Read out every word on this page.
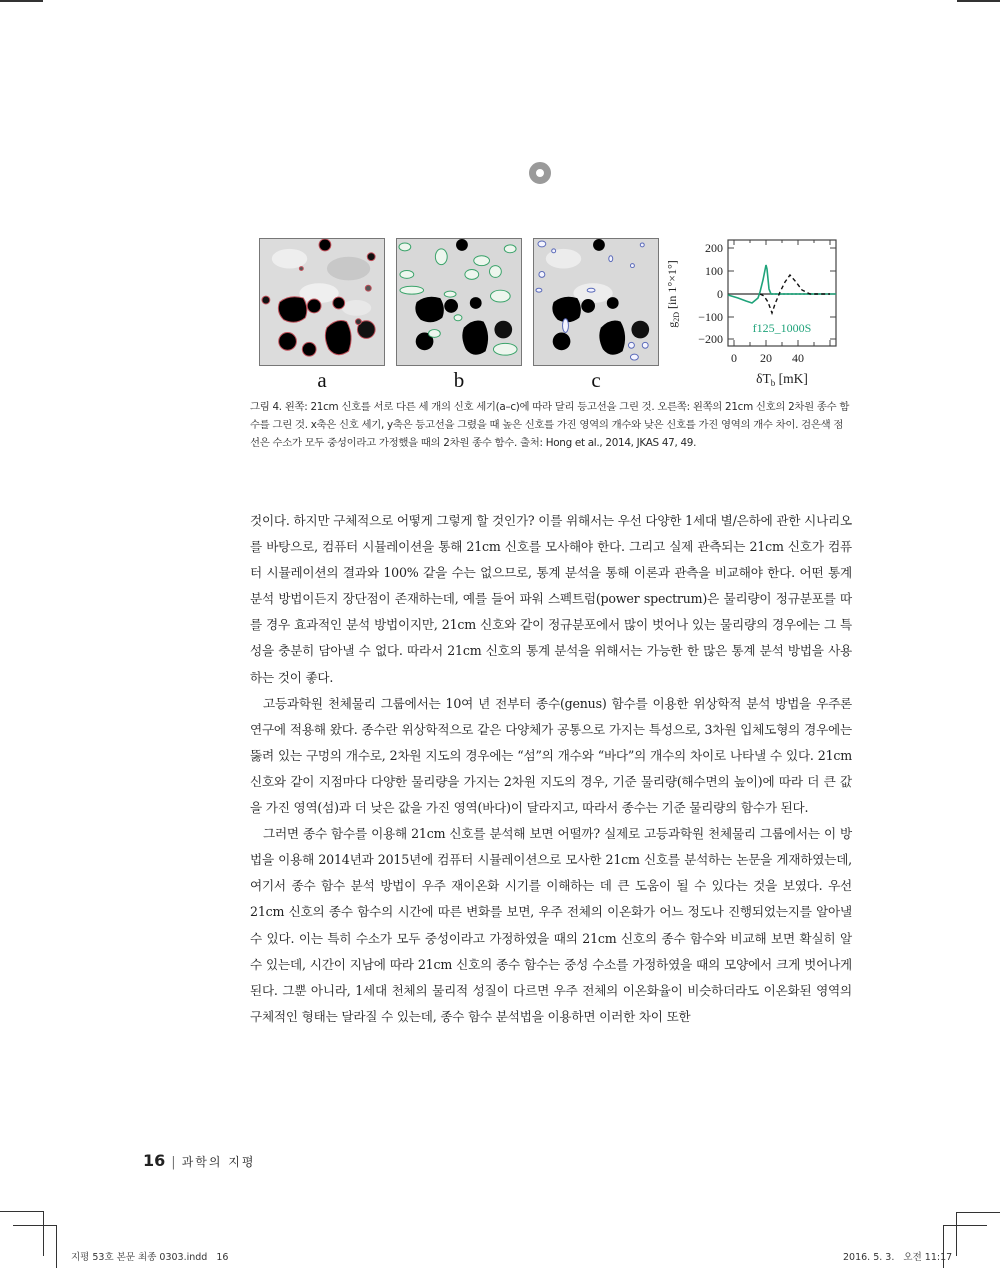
a	b	c
200
100
0
−100
−200
0 20 40
f125_1000S
$\delta T_b$ [mK]
$g_{2D}$ [in 1°×1°]
그림 4. 왼쪽: 21cm 신호를 서로 다른 세 개의 신호 세기(a–c)에 따라 달리 등고선을 그린 것. 오른쪽: 왼쪽의 21cm 신호의 2차원 종수 함수를 그린 것. x축은 신호 세기, y축은 등고선을 그렸을 때 높은 신호를 가진 영역의 개수와 낮은 신호를 가진 영역의 개수 차이. 검은색 점선은 수소가 모두 중성이라고 가정했을 때의 2차원 종수 함수. 출처: Hong et al., 2014, JKAS 47, 49.

것이다. 하지만 구체적으로 어떻게 그렇게 할 것인가? 이를 위해서는 우선 다양한 1세대 별/은하에 관한 시나리오를 바탕으로, 컴퓨터 시뮬레이션을 통해 21cm 신호를 모사해야 한다. 그리고 실제 관측되는 21cm 신호가 컴퓨터 시뮬레이션의 결과와 100% 같을 수는 없으므로, 통계 분석을 통해 이론과 관측을 비교해야 한다. 어떤 통계 분석 방법이든지 장단점이 존재하는데, 예를 들어 파워 스펙트럼(power spectrum)은 물리량이 정규분포를 따를 경우 효과적인 분석 방법이지만, 21cm 신호와 같이 정규분포에서 많이 벗어나 있는 물리량의 경우에는 그 특성을 충분히 담아낼 수 없다. 따라서 21cm 신호의 통계 분석을 위해서는 가능한 한 많은 통계 분석 방법을 사용하는 것이 좋다.

고등과학원 천체물리 그룹에서는 10여 년 전부터 종수(genus) 함수를 이용한 위상학적 분석 방법을 우주론 연구에 적용해 왔다. 종수란 위상학적으로 같은 다양체가 공통으로 가지는 특성으로, 3차원 입체도형의 경우에는 뚫려 있는 구멍의 개수로, 2차원 지도의 경우에는 “섬”의 개수와 “바다”의 개수의 차이로 나타낼 수 있다. 21cm 신호와 같이 지점마다 다양한 물리량을 가지는 2차원 지도의 경우, 기준 물리량(해수면의 높이)에 따라 더 큰 값을 가진 영역(섬)과 더 낮은 값을 가진 영역(바다)이 달라지고, 따라서 종수는 기준 물리량의 함수가 된다.

그러면 종수 함수를 이용해 21cm 신호를 분석해 보면 어떨까? 실제로 고등과학원 천체물리 그룹에서는 이 방법을 이용해 2014년과 2015년에 컴퓨터 시뮬레이션으로 모사한 21cm 신호를 분석하는 논문을 게재하였는데, 여기서 종수 함수 분석 방법이 우주 재이온화 시기를 이해하는 데 큰 도움이 될 수 있다는 것을 보였다. 우선 21cm 신호의 종수 함수의 시간에 따른 변화를 보면, 우주 전체의 이온화가 어느 정도나 진행되었는지를 알아낼 수 있다. 이는 특히 수소가 모두 중성이라고 가정하였을 때의 21cm 신호의 종수 함수와 비교해 보면 확실히 알 수 있는데, 시간이 지남에 따라 21cm 신호의 종수 함수는 중성 수소를 가정하였을 때의 모양에서 크게 벗어나게 된다. 그뿐 아니라, 1세대 천체의 물리적 성질이 다르면 우주 전체의 이온화율이 비슷하더라도 이온화된 영역의 구체적인 형태는 달라질 수 있는데, 종수 함수 분석법을 이용하면 이러한 차이 또한

16 | 과학의 지평
지평 53호 본문 최종 0303.indd   16	2016. 5. 3.   오전 11:17
